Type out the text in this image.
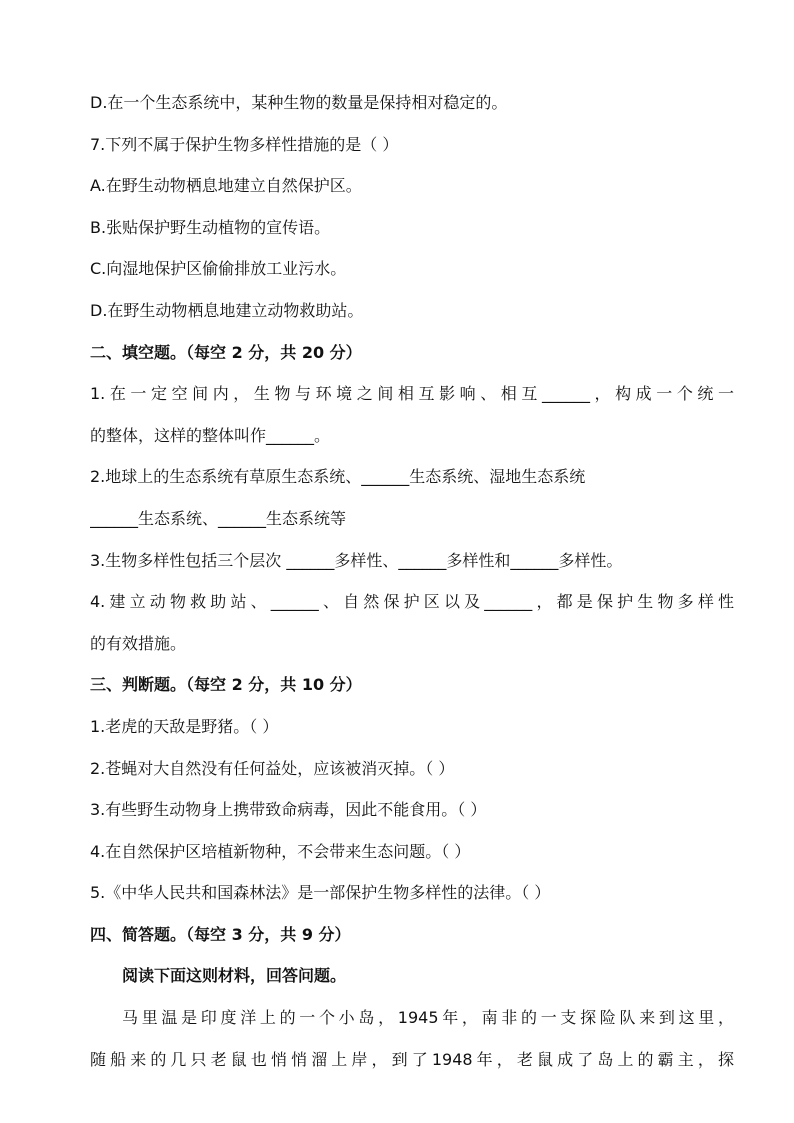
D.在一个生态系统中，某种生物的数量是保持相对稳定的。
7.下列不属于保护生物多样性措施的是（ ）
A.在野生动物栖息地建立自然保护区。
B.张贴保护野生动植物的宣传语。
C.向湿地保护区偷偷排放工业污水。
D.在野生动物栖息地建立动物救助站。
二、填空题。（每空 2 分，共 20 分）
1.在一定空间内，生物与环境之间相互影响、相互______，构成一个统一
的整体，这样的整体叫作______。
2.地球上的生态系统有草原生态系统、______生态系统、湿地生态系统
______生态系统、______生态系统等
3.生物多样性包括三个层次 ______多样性、______多样性和______多样性。
4.建立动物救助站、______、自然保护区以及______，都是保护生物多样性
的有效措施。
三、判断题。（每空 2 分，共 10 分）
1.老虎的天敌是野猪。（ ）
2.苍蝇对大自然没有任何益处，应该被消灭掉。（ ）
3.有些野生动物身上携带致命病毒，因此不能食用。（ ）
4.在自然保护区培植新物种，不会带来生态问题。（ ）
5.《中华人民共和国森林法》是一部保护生物多样性的法律。（ ）
四、简答题。（每空 3 分，共 9 分）
阅读下面这则材料，回答问题。
马里温是印度洋上的一个小岛，1945年，南非的一支探险队来到这里，
随船来的几只老鼠也悄悄溜上岸，到了1948年，老鼠成了岛上的霸主，探
